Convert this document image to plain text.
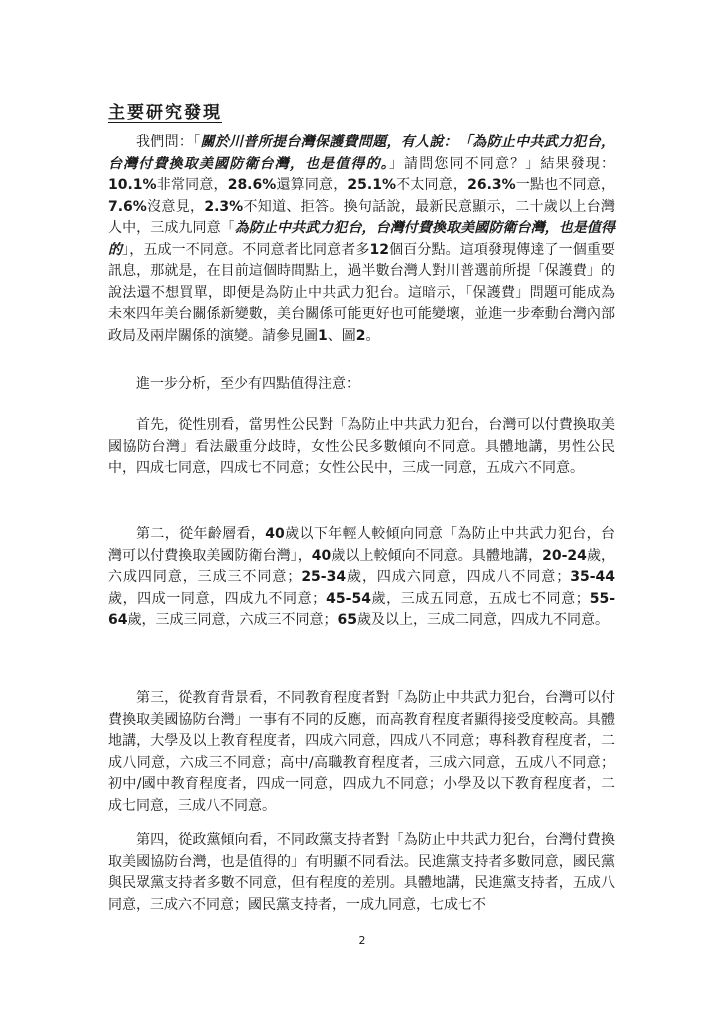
主要研究發現

我們問：「關於川普所提台灣保護費問題，有人說：「為防止中共武力犯台，台灣付費換取美國防衛台灣，也是值得的。」請問您同不同意？」結果發現：10.1%非常同意，28.6%還算同意，25.1%不太同意，26.3%一點也不同意，7.6%沒意見，2.3%不知道、拒答。換句話說，最新民意顯示，二十歲以上台灣人中，三成九同意「為防止中共武力犯台，台灣付費換取美國防衛台灣，也是值得的」，五成一不同意。不同意者比同意者多12個百分點。這項發現傳達了一個重要訊息，那就是，在目前這個時間點上，過半數台灣人對川普選前所提「保護費」的說法還不想買單，即便是為防止中共武力犯台。這暗示，「保護費」問題可能成為未來四年美台關係新變數，美台關係可能更好也可能變壞，並進一步牽動台灣內部政局及兩岸關係的演變。請參見圖1、圖2。

進一步分析，至少有四點值得注意：

首先，從性別看，當男性公民對「為防止中共武力犯台，台灣可以付費換取美國協防台灣」看法嚴重分歧時，女性公民多數傾向不同意。具體地講，男性公民中，四成七同意，四成七不同意；女性公民中，三成一同意，五成六不同意。

第二，從年齡層看，40歲以下年輕人較傾向同意「為防止中共武力犯台，台灣可以付費換取美國防衛台灣」，40歲以上較傾向不同意。具體地講，20-24歲，六成四同意，三成三不同意；25-34歲，四成六同意，四成八不同意；35-44歲，四成一同意，四成九不同意；45-54歲，三成五同意，五成七不同意；55-64歲，三成三同意，六成三不同意；65歲及以上，三成二同意，四成九不同意。

第三，從教育背景看，不同教育程度者對「為防止中共武力犯台，台灣可以付費換取美國協防台灣」一事有不同的反應，而高教育程度者顯得接受度較高。具體地講，大學及以上教育程度者，四成六同意，四成八不同意；專科教育程度者，二成八同意，六成三不同意；高中/高職教育程度者，三成六同意，五成八不同意；初中/國中教育程度者，四成一同意，四成九不同意；小學及以下教育程度者，二成七同意，三成八不同意。

第四，從政黨傾向看，不同政黨支持者對「為防止中共武力犯台，台灣付費換取美國協防台灣，也是值得的」有明顯不同看法。民進黨支持者多數同意，國民黨與民眾黨支持者多數不同意，但有程度的差別。具體地講，民進黨支持者，五成八同意，三成六不同意；國民黨支持者，一成九同意，七成七不

2
